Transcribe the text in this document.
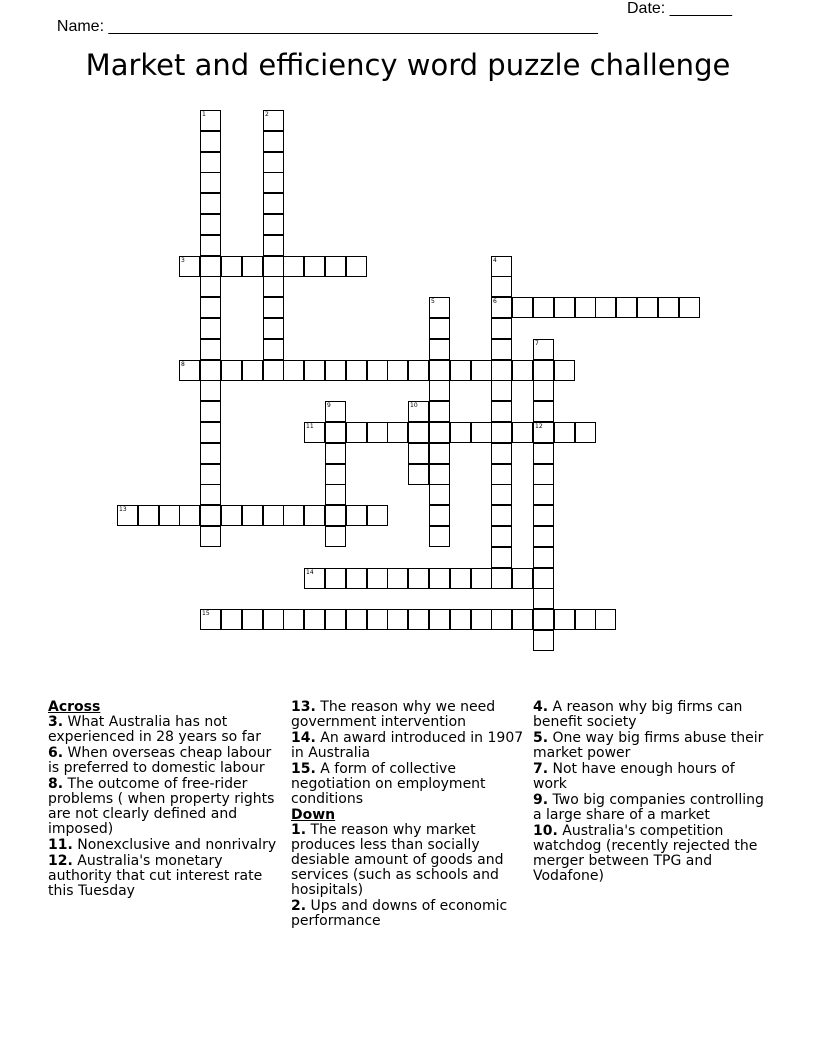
Name: _______________________________________________________

Date: _______

Market and efficiency word puzzle challenge
1	2
3	4
6
5
7
12
8
9	10
11
13
14
15
Across
3. What Australia has not experienced in 28 years so far
6. When overseas cheap labour is preferred to domestic labour
8. The outcome of free-rider problems ( when property rights are not clearly defined and imposed)
11. Nonexclusive and nonrivalry
12. Australia's monetary authority that cut interest rate this Tuesday
13. The reason why we need government intervention
14. An award introduced in 1907 in Australia
15. A form of collective negotiation on employment conditions
Down
1. The reason why market produces less than socially desiable amount of goods and services (such as schools and hosipitals)
2. Ups and downs of economic performance
4. A reason why big firms can benefit society
5. One way big firms abuse their market power
7. Not have enough hours of work
9. Two big companies controlling a large share of a market
10. Australia's competition watchdog (recently rejected the merger between TPG and Vodafone)
